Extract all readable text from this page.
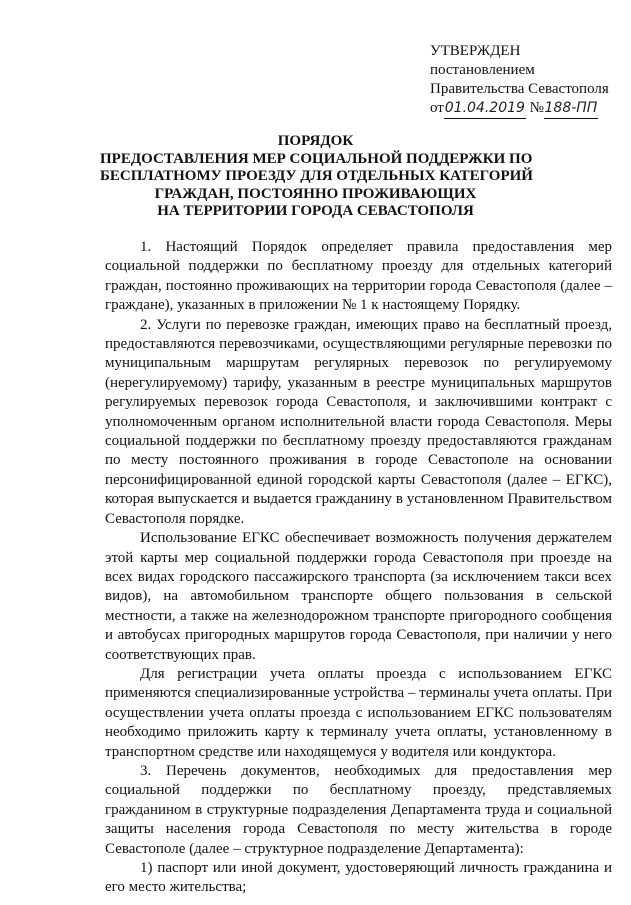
УТВЕРЖДЕН
постановлением
Правительства Севастополя
от01.04.2019 №188-ПП
ПОРЯДОК
ПРЕДОСТАВЛЕНИЯ МЕР СОЦИАЛЬНОЙ ПОДДЕРЖКИ ПО
БЕСПЛАТНОМУ ПРОЕЗДУ ДЛЯ ОТДЕЛЬНЫХ КАТЕГОРИЙ
ГРАЖДАН, ПОСТОЯННО ПРОЖИВАЮЩИХ
НА ТЕРРИТОРИИ ГОРОДА СЕВАСТОПОЛЯ

1. Настоящий Порядок определяет правила предоставления мер социальной поддержки по бесплатному проезду для отдельных категорий граждан, постоянно проживающих на территории города Севастополя (далее – граждане), указанных в приложении № 1 к настоящему Порядку.

2. Услуги по перевозке граждан, имеющих право на бесплатный проезд, предоставляются перевозчиками, осуществляющими регулярные перевозки по муниципальным маршрутам регулярных перевозок по регулируемому (нерегулируемому) тарифу, указанным в реестре муниципальных маршрутов регулируемых перевозок города Севастополя, и заключившими контракт с уполномоченным органом исполнительной власти города Севастополя. Меры социальной поддержки по бесплатному проезду предоставляются гражданам по месту постоянного проживания в городе Севастополе на основании персонифицированной единой городской карты Севастополя (далее – ЕГКС), которая выпускается и выдается гражданину в установленном Правительством Севастополя порядке.

Использование ЕГКС обеспечивает возможность получения держателем этой карты мер социальной поддержки города Севастополя при проезде на всех видах городского пассажирского транспорта (за исключением такси всех видов), на автомобильном транспорте общего пользования в сельской местности, а также на железнодорожном транспорте пригородного сообщения и автобусах пригородных маршрутов города Севастополя, при наличии у него соответствующих прав.

Для регистрации учета оплаты проезда с использованием ЕГКС применяются специализированные устройства – терминалы учета оплаты. При осуществлении учета оплаты проезда с использованием ЕГКС пользователям необходимо приложить карту к терминалу учета оплаты, установленному в транспортном средстве или находящемуся у водителя или кондуктора.

3. Перечень документов, необходимых для предоставления мер социальной поддержки по бесплатному проезду, представляемых гражданином в структурные подразделения Департамента труда и социальной защиты населения города Севастополя по месту жительства в городе Севастополе (далее – структурное подразделение Департамента):

1) паспорт или иной документ, удостоверяющий личность гражданина и его место жительства;
